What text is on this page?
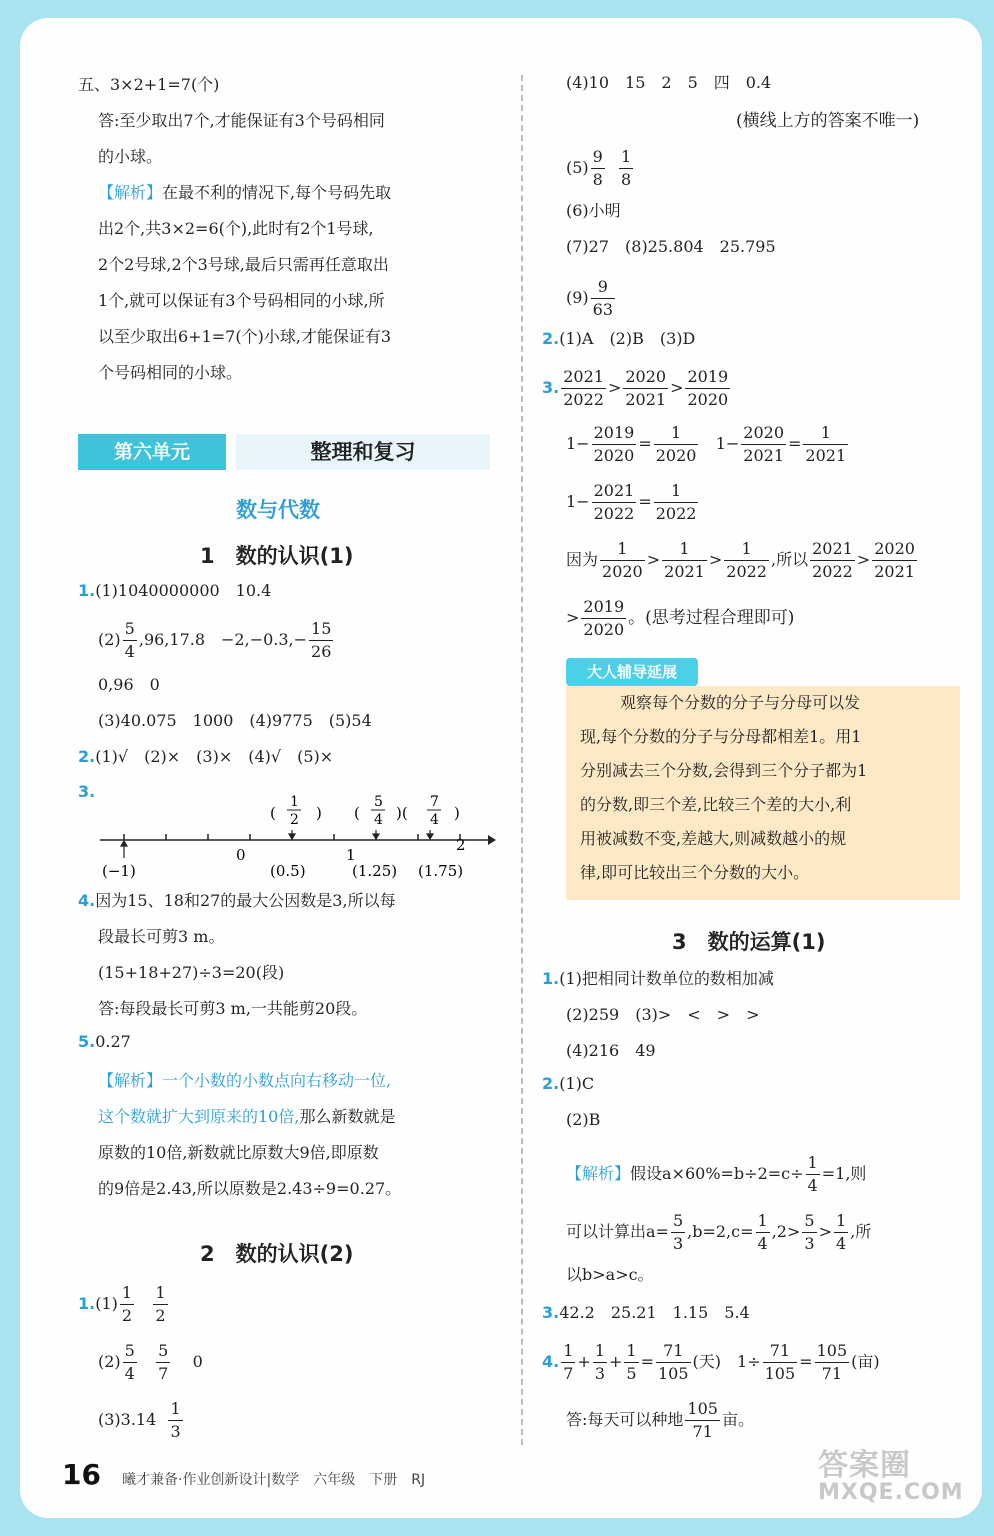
五、3×2+1=7(个)
答:至少取出7个,才能保证有3个号码相同
的小球。
【解析】在最不利的情况下,每个号码先取
出2个,共3×2=6(个),此时有2个1号球,
2个2号球,2个3号球,最后只需再任意取出
1个,就可以保证有3个号码相同的小球,所
以至少取出6+1=7(个)小球,才能保证有3
个号码相同的小球。
第六单元	整理和复习
数与代数
1　数的认识(1)
1.(1)1040000000　10.4
$(2) \frac{5}{4} ,96,17.8$　$-2,-0.3,- \frac{15}{26}$
0,96　0
(3)40.075　1000　(4)9775　(5)54
2.(1)√　(2)×　(3)×　(4)√　(5)×
3.
0	1
2
(−1)	(0.5)	(1.25) (1.75)
(
1
2 ) (
5
4 )(
7
4 )
4.因为15、18和27的最大公因数是3,所以每
段最长可剪3 m。
(15+18+27)÷3=20(段)
答:每段最长可剪3 m,一共能剪20段。
5.0.27
【解析】一个小数的小数点向右移动一位,
这个数就扩大到原来的10倍,那么新数就是
原数的10倍,新数就比原数大9倍,即原数
的9倍是2.43,所以原数是2.43÷9=0.27。
2　数的认识(2)
$1.(1) \frac{1}{2}$
$\frac{1}{2}$
$(2) \frac{5}{4}$
$\frac{5}{7} 0$
(3)3.14̇ $\frac{1}{3}$
(4)10　15　2　5　四　0.4
(横线上方的答案不唯一)
$(5) \frac{9}{8}$
$\frac{1}{8}$
(6)小明
(7)27　(8)25.804　25.795
$(9) \frac{9}{63}$
2.(1)A　(2)B　(3)D
3. $\frac{2021}{2022} > \frac{2020}{2021} > \frac{2019}{2020}$
$1- \frac{2019}{2020} = \frac{1}{2020} 1- \frac{2020}{2021} = \frac{1}{2021}$
$1- \frac{2021}{2022} = \frac{1}{2022}$
因为 $\frac{1}{2020} > \frac{1}{2021} > \frac{1}{2022}$ ,所以 $\frac{2021}{2022} > \frac{2020}{2021}$
> $\frac{2019}{2020}$ 。(思考过程合理即可)
大人辅导延展
观察每个分数的分子与分母可以发
现,每个分数的分子与分母都相差1。用1
分别减去三个分数,会得到三个分子都为1
的分数,即三个差,比较三个差的大小,利
用被减数不变,差越大,则减数越小的规
律,即可比较出三个分数的大小。
3　数的运算(1)
1.(1)把相同计数单位的数相加减
(2)259　(3)>　<　>　>
(4)216　49
2.(1)C
(2)B
【解析】假设$a\times 60\%=b\div 2=c\div \frac{1}{4} =1$,则
可以计算出$a= \frac{5}{3} ,b=2,c= \frac{1}{4} ,2> \frac{5}{3} > \frac{1}{4}$ ,所
以b>a>c。
3.42.2　25.21　1.15　5.4
4. $\frac{1}{7} + \frac{1}{3} + \frac{1}{5} = \frac{71}{105}$ (天)　$1\div \frac{71}{105} = \frac{105}{71}$ (亩)
答:每天可以种地 $\frac{105}{71}$ 亩。
16 曦才兼备·作业创新设计|数学　六年级　下册　RJ	答案圈
MXQE.COM
